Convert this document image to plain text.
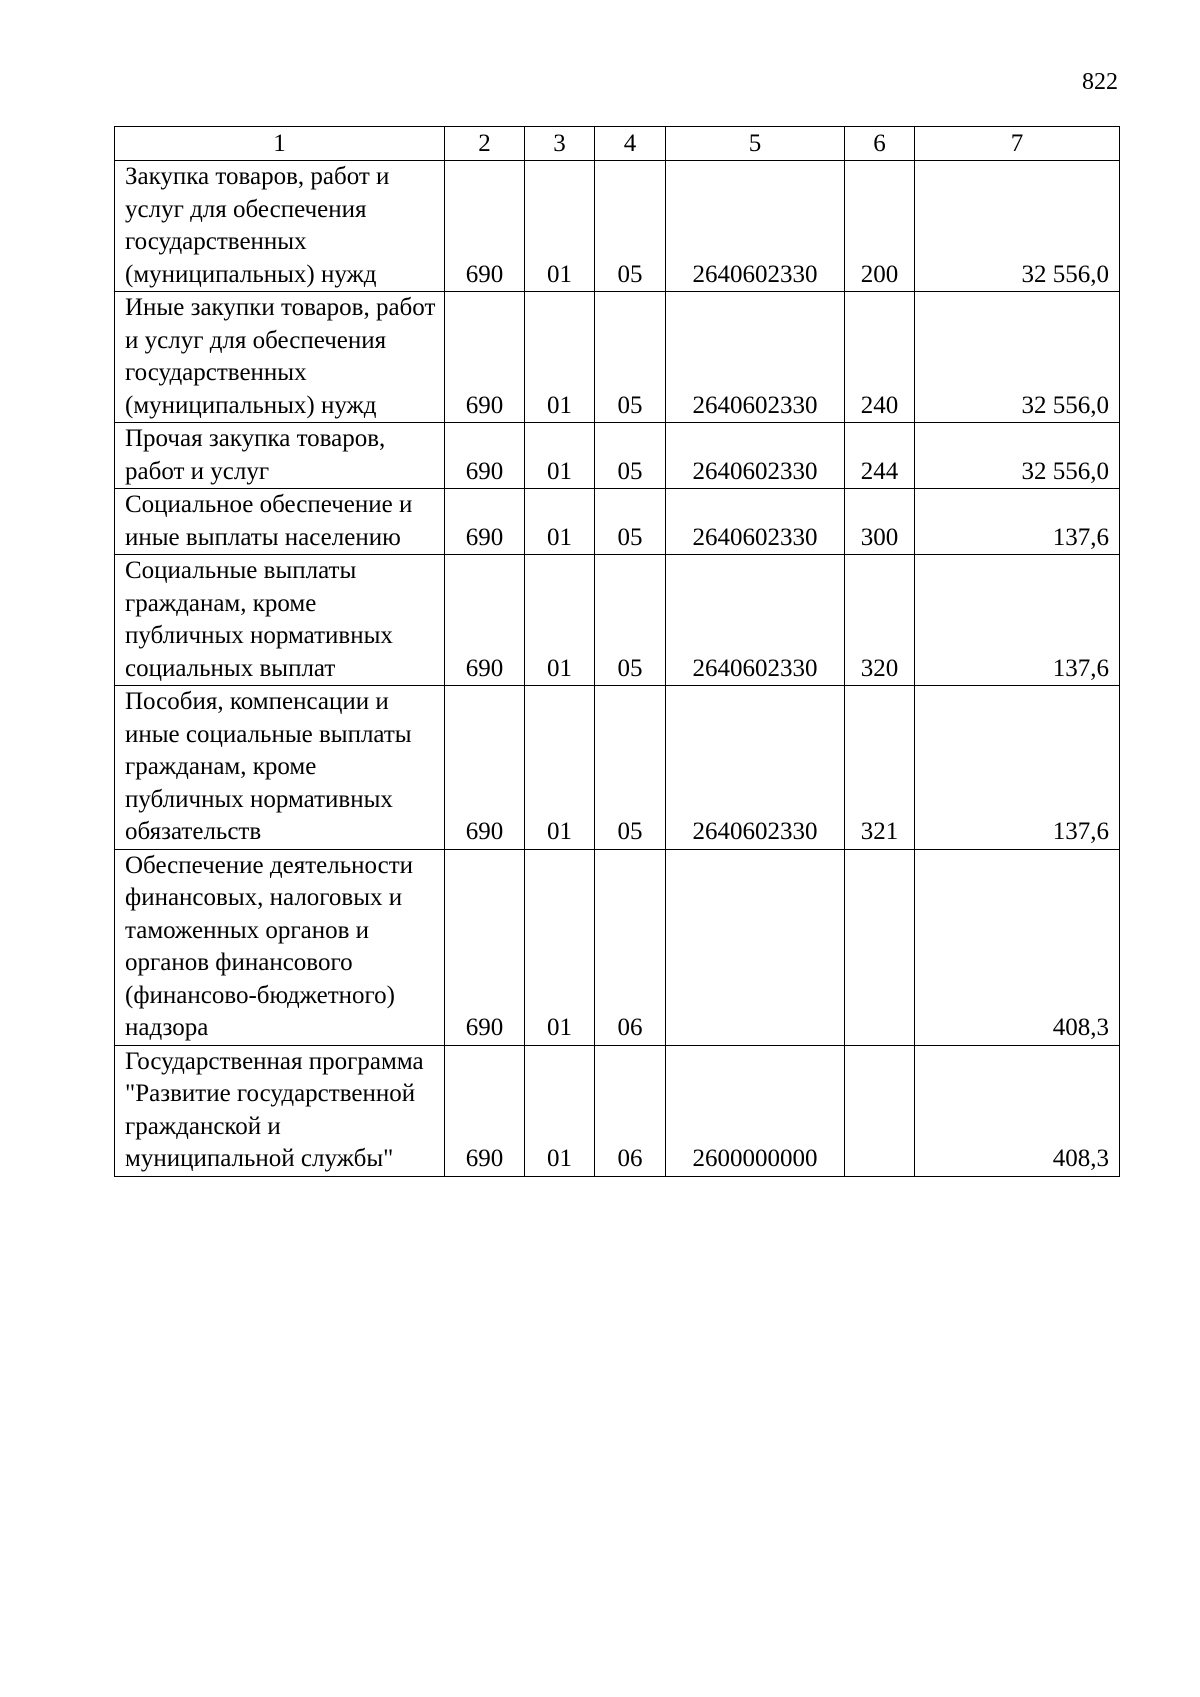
822
1	2	3	4	5	6	7
Закупка товаров, работ и услуг для обеспечения государственных (муниципальных) нужд	690	01	05	2640602330	200	32 556,0
Иные закупки товаров, работ и услуг для обеспечения государственных (муниципальных) нужд	690	01	05	2640602330	240	32 556,0
Прочая закупка товаров, работ и услуг	690	01	05	2640602330	244	32 556,0
Социальное обеспечение и иные выплаты населению	690	01	05	2640602330	300	137,6
Социальные выплаты гражданам, кроме публичных нормативных социальных выплат	690	01	05	2640602330	320	137,6
Пособия, компенсации и иные социальные выплаты гражданам, кроме публичных нормативных обязательств	690	01	05	2640602330	321	137,6
Обеспечение деятельности финансовых, налоговых и таможенных органов и органов финансового (финансово-бюджетного) надзора	690	01	06			408,3
Государственная программа "Развитие государственной гражданской и муниципальной службы"	690	01	06	2600000000		408,3
